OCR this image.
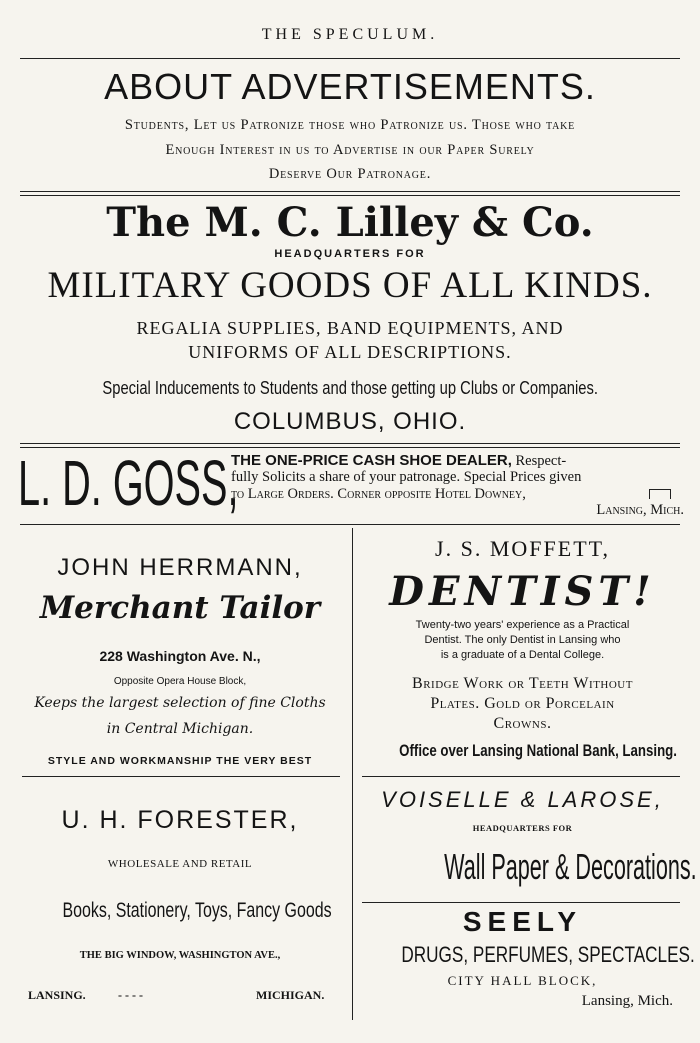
THE SPECULUM.
ABOUT ADVERTISEMENTS.
Students, Let us Patronize those who Patronize us. Those who take
Enough Interest in us to Advertise in our Paper Surely
Deserve Our Patronage.
The M. C. Lilley & Co.
HEADQUARTERS FOR
MILITARY GOODS OF ALL KINDS.
REGALIA SUPPLIES, BAND EQUIPMENTS, AND
UNIFORMS OF ALL DESCRIPTIONS.
Special Inducements to Students and those getting up Clubs or Companies.
COLUMBUS, OHIO.
L. D. GOSS,
THE ONE-PRICE CASH SHOE DEALER, Respect-
fully Solicits a share of your patronage. Special Prices given
to Large Orders. Corner opposite Hotel Downey,
Lansing, Mich.
JOHN HERRMANN,
Merchant Tailor
228 Washington Ave. N.,
Opposite Opera House Block,
Keeps the largest selection of fine Cloths
in Central Michigan.
STYLE AND WORKMANSHIP THE VERY BEST
J. S. MOFFETT,
DENTIST!
Twenty-two years' experience as a Practical
Dentist. The only Dentist in Lansing who
is a graduate of a Dental College.
Bridge Work or Teeth Without
Plates. Gold or Porcelain
Crowns.
Office over Lansing National Bank, Lansing.
U. H. FORESTER,
WHOLESALE AND RETAIL
Books, Stationery, Toys, Fancy Goods
THE BIG WINDOW, WASHINGTON AVE.,
LANSING.	- - - -	MICHIGAN.
VOISELLE & LAROSE,
HEADQUARTERS FOR
Wall Paper & Decorations.
SEELY
DRUGS, PERFUMES, SPECTACLES.
CITY HALL BLOCK,
Lansing, Mich.
